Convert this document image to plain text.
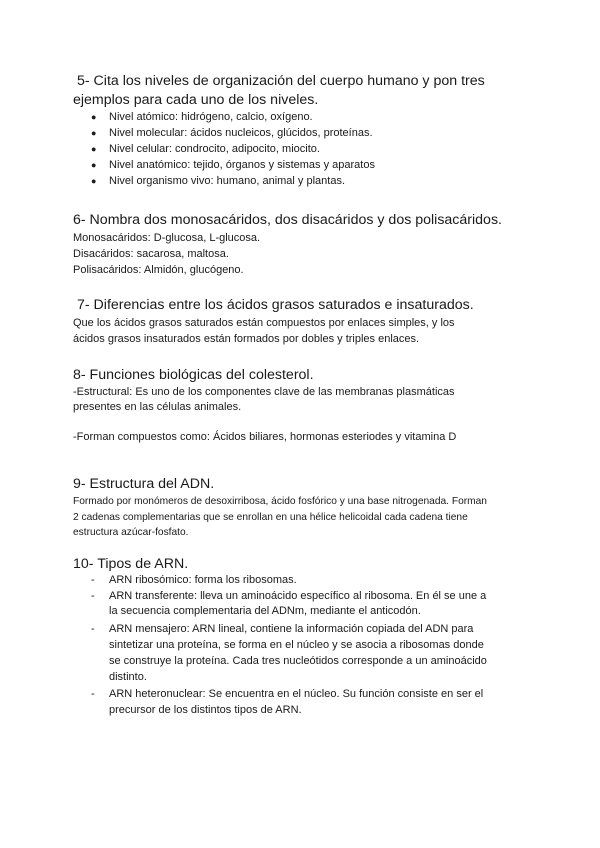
5- Cita los niveles de organización del cuerpo humano y pon tres
ejemplos para cada uno de los niveles.
● Nivel atómico: hidrógeno, calcio, oxígeno.
● Nivel molecular: ácidos nucleicos, glúcidos, proteínas.
● Nivel celular: condrocito, adipocito, miocito.
● Nivel anatómico: tejido, órganos y sistemas y aparatos
● Nivel organismo vivo: humano, animal y plantas.
6- Nombra dos monosacáridos, dos disacáridos y dos polisacáridos.
Monosacáridos: D-glucosa, L-glucosa.
Disacáridos: sacarosa, maltosa.
Polisacáridos: Almidón, glucógeno.
7- Diferencias entre los ácidos grasos saturados e insaturados.
Que los ácidos grasos saturados están compuestos por enlaces simples, y los
ácidos grasos insaturados están formados por dobles y triples enlaces.
8- Funciones biológicas del colesterol.
-Estructural: Es uno de los componentes clave de las membranas plasmáticas
presentes en las células animales.
-Forman compuestos como: Ácidos biliares, hormonas esteriodes y vitamina D
9- Estructura del ADN.
Formado por monómeros de desoxirribosa, ácido fosfórico y una base nitrogenada. Forman
2 cadenas complementarias que se enrollan en una hélice helicoidal cada cadena tiene
estructura azúcar-fosfato.
10- Tipos de ARN.
- ARN ribosómico: forma los ribosomas.
- ARN transferente: lleva un aminoácido específico al ribosoma. En él se une a
la secuencia complementaria del ADNm, mediante el anticodón.
- ARN mensajero: ARN lineal, contiene la información copiada del ADN para
sintetizar una proteína, se forma en el núcleo y se asocia a ribosomas donde
se construye la proteína. Cada tres nucleótidos corresponde a un aminoácido
distinto.
- ARN heteronuclear: Se encuentra en el núcleo. Su función consiste en ser el
precursor de los distintos tipos de ARN.
